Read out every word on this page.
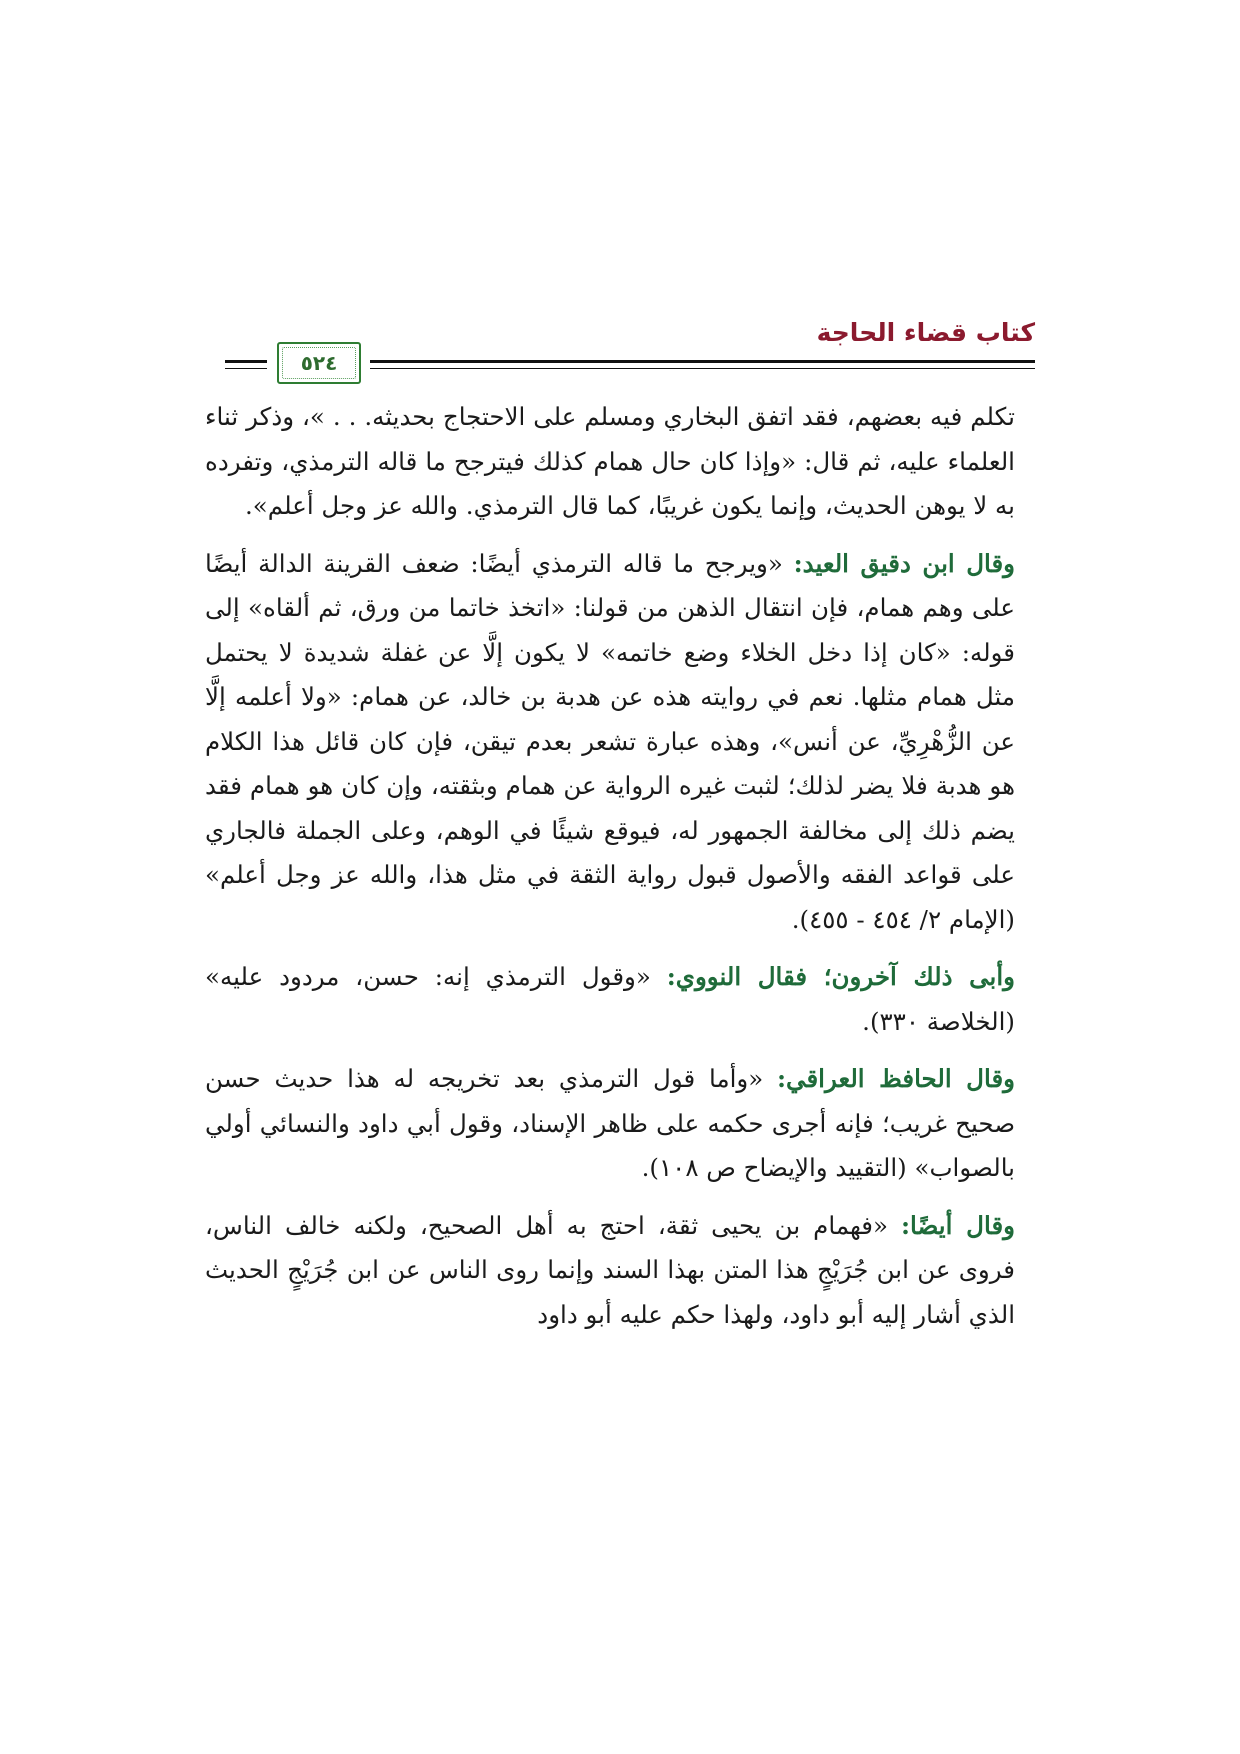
كتاب قضاء الحاجة
٥٢٤

تكلم فيه بعضهم، فقد اتفق البخاري ومسلم على الاحتجاج بحديثه. . . »، وذكر ثناء العلماء عليه، ثم قال: «وإذا كان حال همام كذلك فيترجح ما قاله الترمذي، وتفرده به لا يوهن الحديث، وإنما يكون غريبًا، كما قال الترمذي. والله عز وجل أعلم».

وقال ابن دقيق العيد: «ويرجح ما قاله الترمذي أيضًا: ضعف القرينة الدالة أيضًا على وهم همام، فإن انتقال الذهن من قولنا: «اتخذ خاتما من ورق، ثم ألقاه» إلى قوله: «كان إذا دخل الخلاء وضع خاتمه» لا يكون إلَّا عن غفلة شديدة لا يحتمل مثل همام مثلها. نعم في روايته هذه عن هدبة بن خالد، عن همام: «ولا أعلمه إلَّا عن الزُّهْرِيِّ، عن أنس»، وهذه عبارة تشعر بعدم تيقن، فإن كان قائل هذا الكلام هو هدبة فلا يضر لذلك؛ لثبت غيره الرواية عن همام وبثقته، وإن كان هو همام فقد يضم ذلك إلى مخالفة الجمهور له، فيوقع شيئًا في الوهم، وعلى الجملة فالجاري على قواعد الفقه والأصول قبول رواية الثقة في مثل هذا، والله عز وجل أعلم» (الإمام ٢/ ٤٥٤ - ٤٥٥).

وأبى ذلك آخرون؛ فقال النووي: «وقول الترمذي إنه: حسن، مردود عليه» (الخلاصة ٣٣٠).

وقال الحافظ العراقي: «وأما قول الترمذي بعد تخريجه له هذا حديث حسن صحيح غريب؛ فإنه أجرى حكمه على ظاهر الإسناد، وقول أبي داود والنسائي أولي بالصواب» (التقييد والإيضاح ص ١٠٨).

وقال أيضًا: «فهمام بن يحيى ثقة، احتج به أهل الصحيح، ولكنه خالف الناس، فروى عن ابن جُرَيْجٍ هذا المتن بهذا السند وإنما روى الناس عن ابن جُرَيْجٍ الحديث الذي أشار إليه أبو داود، ولهذا حكم عليه أبو داود
